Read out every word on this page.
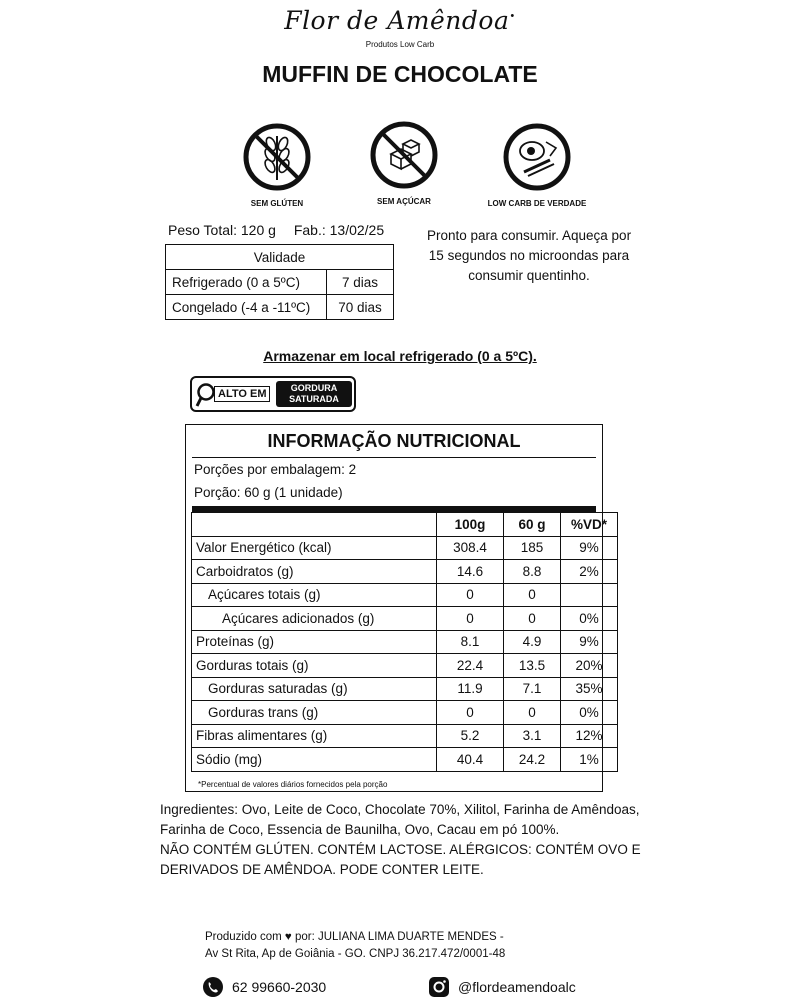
Flor de Amêndoa•
Produtos Low Carb
MUFFIN DE CHOCOLATE
SEM GLÚTEN	SEM AÇÚCAR	LOW CARB DE VERDADE
Peso Total: 120 g Fab.: 13/02/25
Validade	
Refrigerado (0 a 5ºC)	7 dias
Congelado (-4 a -11ºC)	70 dias
Pronto para consumir. Aqueça por 15 segundos no microondas para consumir quentinho.
Armazenar em local refrigerado (0 a 5ºC).
ALTO EM	GORDURA
SATURADA
INFORMAÇÃO NUTRICIONAL
Porções por embalagem: 2
Porção: 60 g (1 unidade)
*Percentual de valores diários fornecidos pela porção
	100g	60 g	%VD*
Valor Energético (kcal)	308.4	185	9%
Carboidratos (g)	14.6	8.8	2%
Açúcares totais (g)	0	0	
Açúcares adicionados (g)	0	0	0%
Proteínas (g)	8.1	4.9	9%
Gorduras totais (g)	22.4	13.5	20%
Gorduras saturadas (g)	11.9	7.1	35%
Gorduras trans (g)	0	0	0%
Fibras alimentares (g)	5.2	3.1	12%
Sódio (mg)	40.4	24.2	1%
Ingredientes: Ovo, Leite de Coco, Chocolate 70%, Xilitol, Farinha de Amêndoas, Farinha de Coco, Essencia de Baunilha, Ovo, Cacau em pó 100%.
NÃO CONTÉM GLÚTEN. CONTÉM LACTOSE. ALÉRGICOS: CONTÉM OVO E DERIVADOS DE AMÊNDOA. PODE CONTER LEITE.
Produzido com ♥ por: JULIANA LIMA DUARTE MENDES -
Av St Rita, Ap de Goiânia - GO. CNPJ 36.217.472/0001-48
62 99660-2030	@flordeamendoalc
